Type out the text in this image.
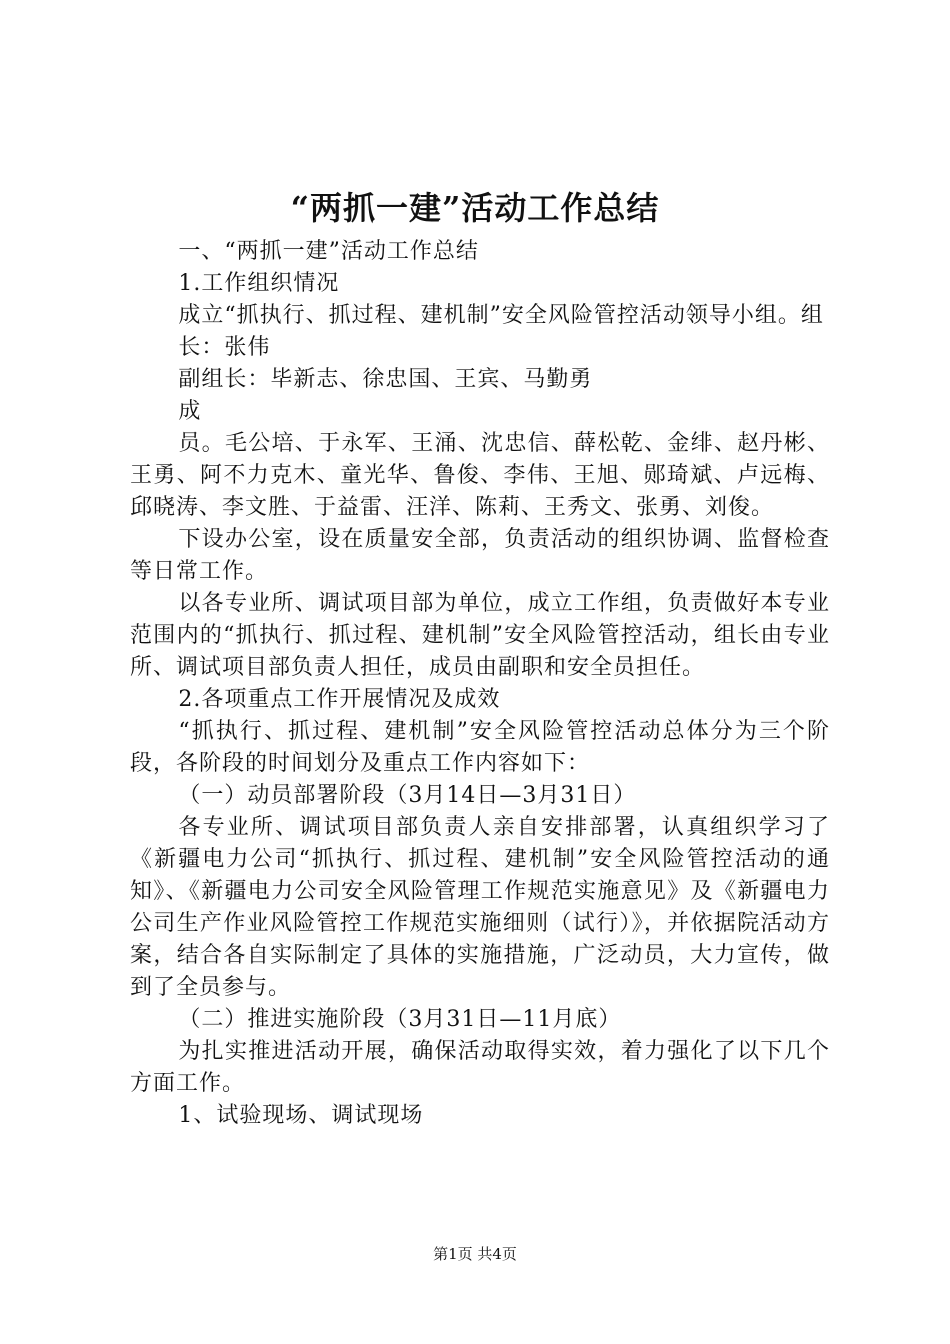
“两抓一建”活动工作总结

一、“两抓一建”活动工作总结

1.工作组织情况

成立“抓执行、抓过程、建机制”安全风险管控活动领导小组。组

长：张伟

副组长：毕新志、徐忠国、王宾、马勤勇

成

员。毛公培、于永军、王涌、沈忠信、薛松乾、金绯、赵丹彬、王勇、阿不力克木、童光华、鲁俊、李伟、王旭、郧琦斌、卢远梅、邱晓涛、李文胜、于益雷、汪洋、陈莉、王秀文、张勇、刘俊。

下设办公室，设在质量安全部，负责活动的组织协调、监督检查等日常工作。

以各专业所、调试项目部为单位，成立工作组，负责做好本专业范围内的“抓执行、抓过程、建机制”安全风险管控活动，组长由专业所、调试项目部负责人担任，成员由副职和安全员担任。

2.各项重点工作开展情况及成效

“抓执行、抓过程、建机制”安全风险管控活动总体分为三个阶段，各阶段的时间划分及重点工作内容如下：

（一）动员部署阶段（3月14日—3月31日）

各专业所、调试项目部负责人亲自安排部署，认真组织学习了《新疆电力公司“抓执行、抓过程、建机制”安全风险管控活动的通知》、《新疆电力公司安全风险管理工作规范实施意见》及《新疆电力公司生产作业风险管控工作规范实施细则（试行）》，并依据院活动方案，结合各自实际制定了具体的实施措施，广泛动员，大力宣传，做到了全员参与。

（二）推进实施阶段（3月31日—11月底）

为扎实推进活动开展，确保活动取得实效，着力强化了以下几个方面工作。

1、试验现场、调试现场

第1页 共4页
